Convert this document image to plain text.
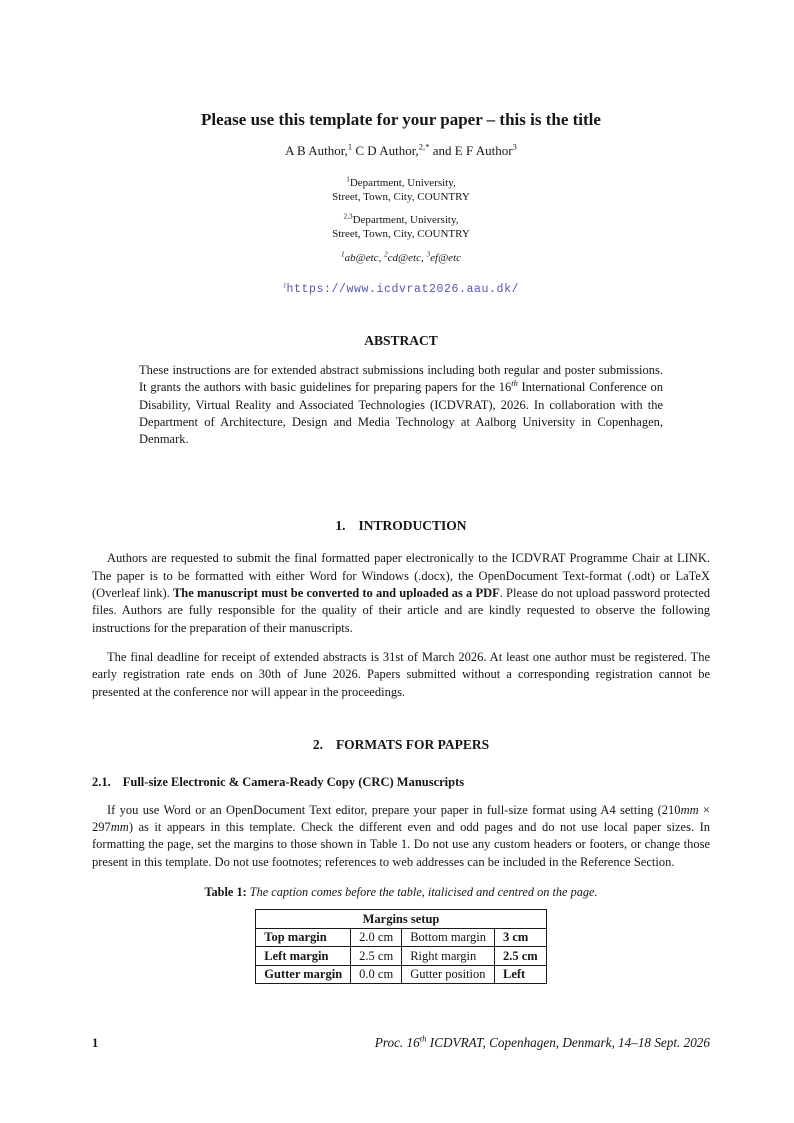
Please use this template for your paper – this is the title
A B Author,$^1$ C D Author,$^{2,*}$ and E F Author$^3$
$^1$Department, University,
Street, Town, City, COUNTRY
$^{2,3}$Department, University,
Street, Town, City, COUNTRY
$^1$ab@etc, $^2$cd@etc, $^3$ef@etc
$^1$https://www.icdvrat2026.aau.dk/
ABSTRACT
These instructions are for extended abstract submissions including both regular and poster submissions. It grants the authors with basic guidelines for preparing papers for the 16th International Conference on Disability, Virtual Reality and Associated Technologies (ICDVRAT), 2026. In collaboration with the Department of Architecture, Design and Media Technology at Aalborg University in Copenhagen, Denmark.
1. INTRODUCTION
Authors are requested to submit the final formatted paper electronically to the ICDVRAT Programme Chair at LINK. The paper is to be formatted with either Word for Windows (.docx), the OpenDocument Text-format (.odt) or LaTeX (Overleaf link). The manuscript must be converted to and uploaded as a PDF. Please do not upload password protected files. Authors are fully responsible for the quality of their article and are kindly requested to observe the following instructions for the preparation of their manuscripts.
The final deadline for receipt of extended abstracts is 31st of March 2026. At least one author must be registered. The early registration rate ends on 30th of June 2026. Papers submitted without a corresponding registration cannot be presented at the conference nor will appear in the proceedings.
2. FORMATS FOR PAPERS
2.1. Full-size Electronic & Camera-Ready Copy (CRC) Manuscripts
If you use Word or an OpenDocument Text editor, prepare your paper in full-size format using A4 setting (210mm × 297mm) as it appears in this template. Check the different even and odd pages and do not use local paper sizes. In formatting the page, set the margins to those shown in Table 1. Do not use any custom headers or footers, or change those present in this template. Do not use footnotes; references to web addresses can be included in the Reference Section.
Table 1: The caption comes before the table, italicised and centred on the page.
Margins setup			
Top margin	2.0 cm	Bottom margin	3 cm
Left margin	2.5 cm	Right margin	2.5 cm
Gutter margin	0.0 cm	Gutter position	Left
1	Proc. 16th ICDVRAT, Copenhagen, Denmark, 14–18 Sept. 2026
